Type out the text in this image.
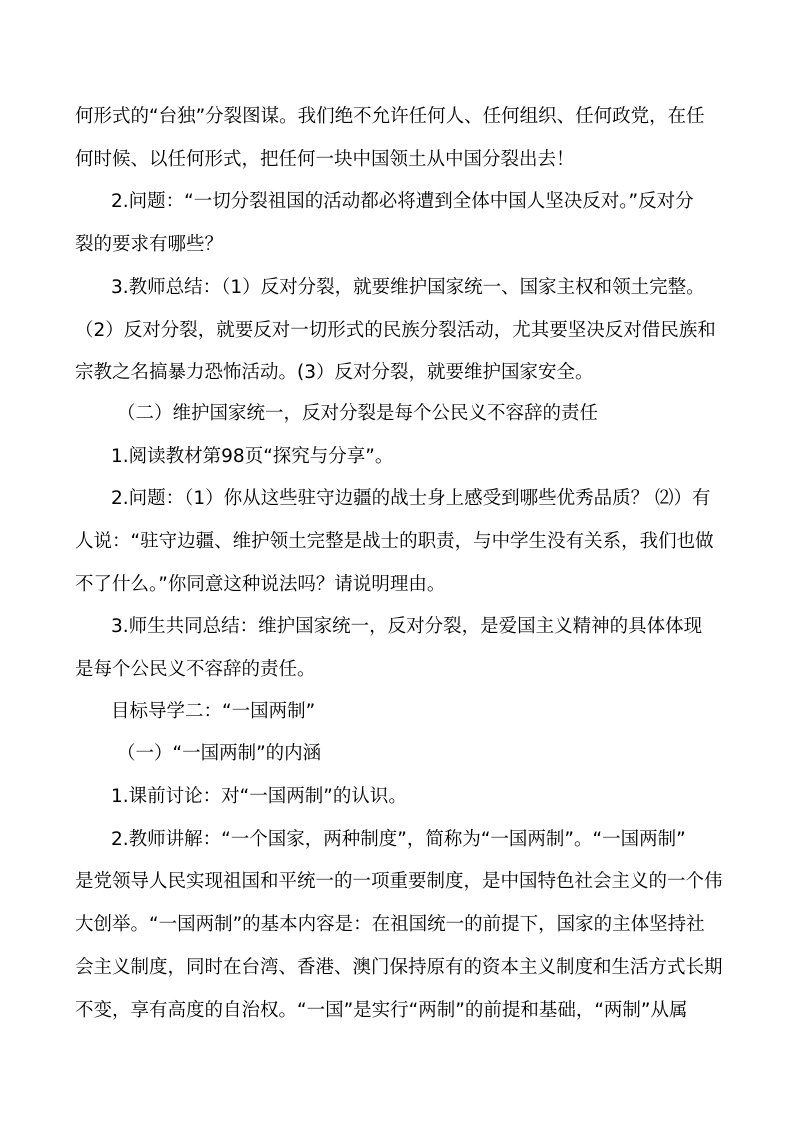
何形式的“台独”分裂图谋。我们绝不允许任何人、任何组织、任何政党，在任
何时候、以任何形式，把任何一块中国领土从中国分裂出去！
2.问题：“一切分裂祖国的活动都必将遭到全体中国人坚决反对。”反对分
裂的要求有哪些？
3.教师总结：（1）反对分裂，就要维护国家统一、国家主权和领土完整。
（2）反对分裂，就要反对一切形式的民族分裂活动，尤其要坚决反对借民族和
宗教之名搞暴力恐怖活动。(3）反对分裂，就要维护国家安全。
（二）维护国家统一，反对分裂是每个公民义不容辞的责任
1.阅读教材第98页“探究与分享”。
2.问题：（1）你从这些驻守边疆的战士身上感受到哪些优秀品质？ ⑵）有
人说：“驻守边疆、维护领土完整是战士的职责，与中学生没有关系，我们也做
不了什么。”你同意这种说法吗？请说明理由。
3.师生共同总结：维护国家统一，反对分裂，是爱国主义精神的具体体现
是每个公民义不容辞的责任。
目标导学二：“一国两制”
（一）“一国两制”的内涵
1.课前讨论：对“一国两制”的认识。
2.教师讲解：“一个国家，两种制度”，简称为“一国两制”。“一国两制”
是党领导人民实现祖国和平统一的一项重要制度，是中国特色社会主义的一个伟
大创举。“一国两制”的基本内容是：在祖国统一的前提下，国家的主体坚持社
会主义制度，同时在台湾、香港、澳门保持原有的资本主义制度和生活方式长期
不变，享有高度的自治权。“一国”是实行“两制”的前提和基础，“两制”从属
